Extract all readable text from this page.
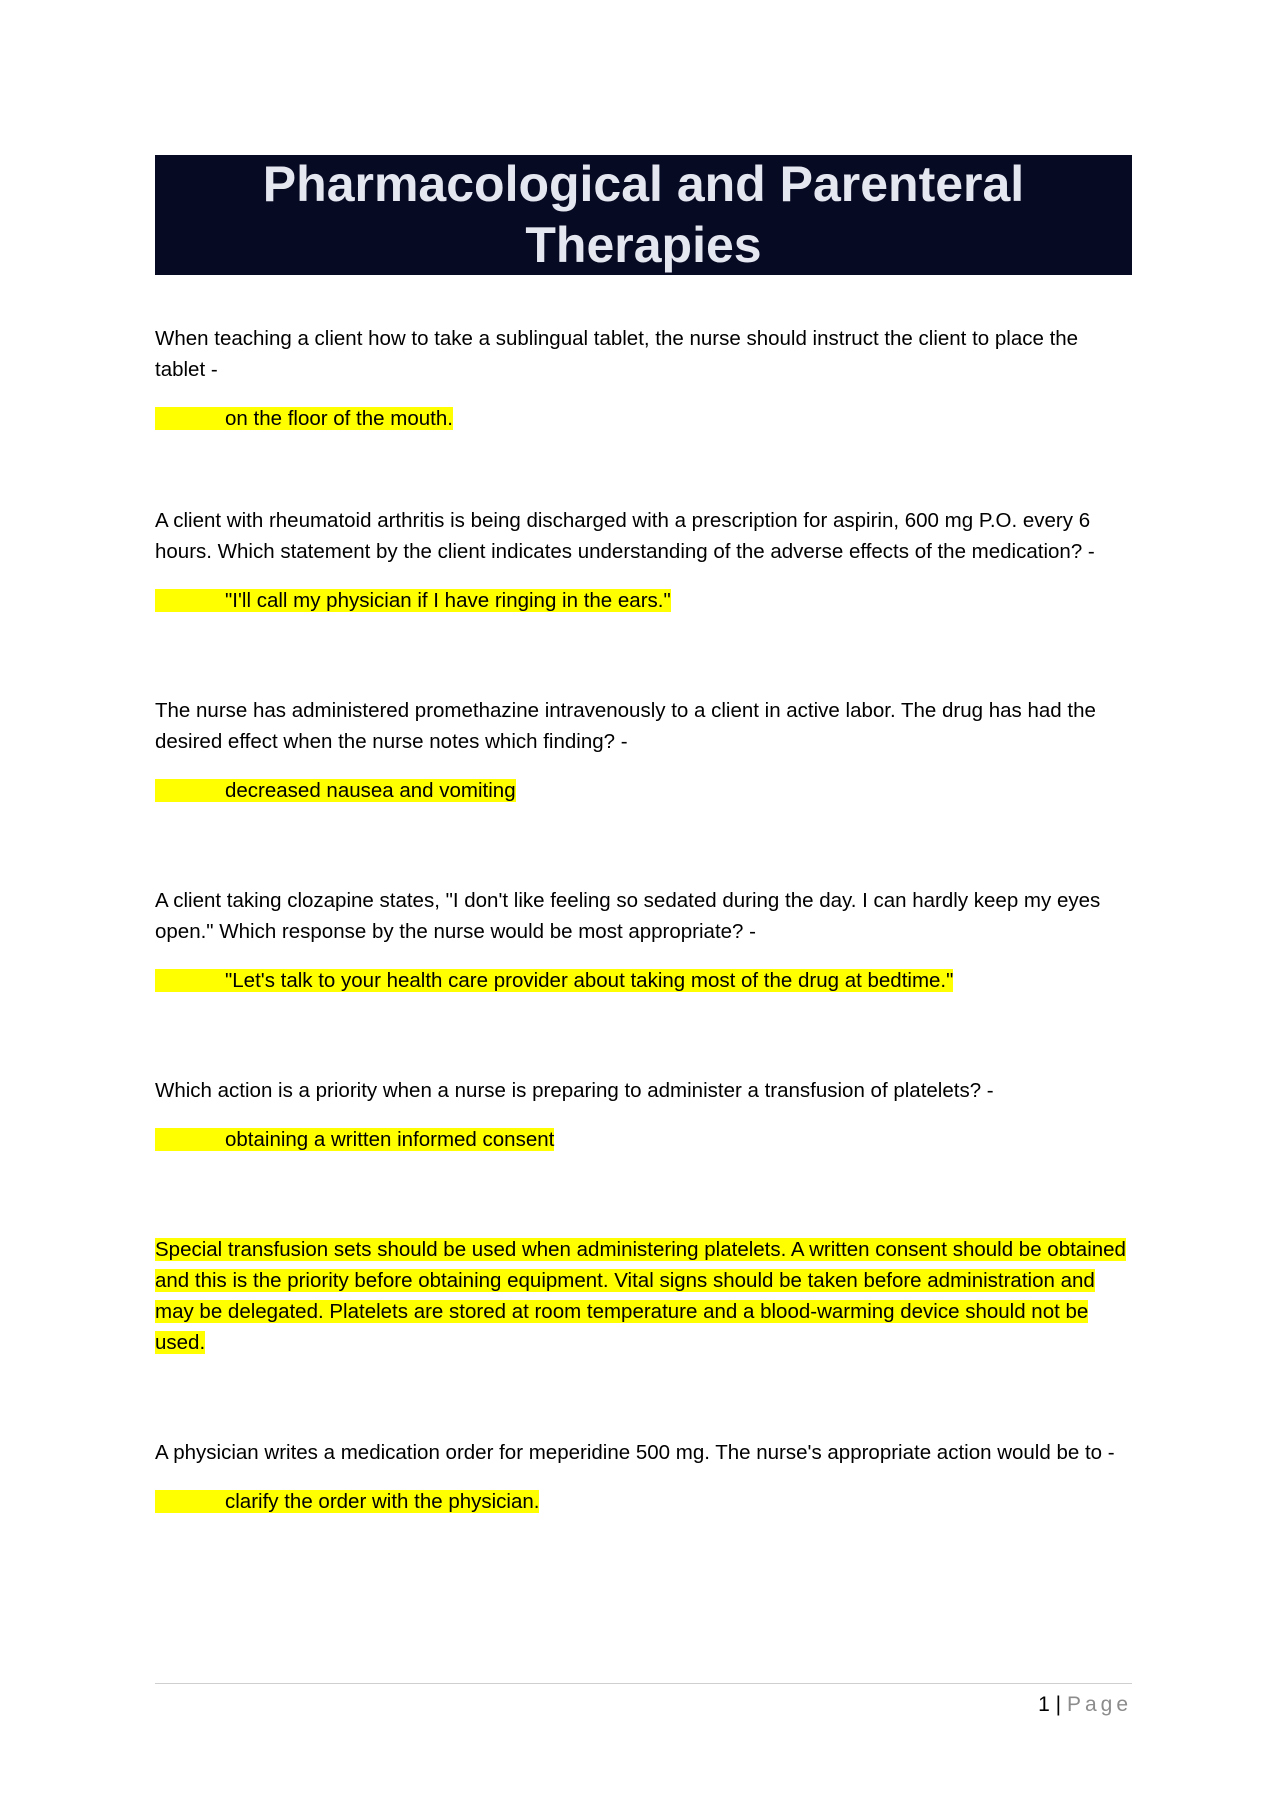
Pharmacological and Parenteral Therapies

When teaching a client how to take a sublingual tablet, the nurse should instruct the client to place the tablet -

on the floor of the mouth.

A client with rheumatoid arthritis is being discharged with a prescription for aspirin, 600 mg P.O. every 6 hours. Which statement by the client indicates understanding of the adverse effects of the medication? -

"I'll call my physician if I have ringing in the ears."

The nurse has administered promethazine intravenously to a client in active labor. The drug has had the desired effect when the nurse notes which finding? -

decreased nausea and vomiting

A client taking clozapine states, "I don't like feeling so sedated during the day. I can hardly keep my eyes open." Which response by the nurse would be most appropriate? -

"Let's talk to your health care provider about taking most of the drug at bedtime."

Which action is a priority when a nurse is preparing to administer a transfusion of platelets? -

obtaining a written informed consent

Special transfusion sets should be used when administering platelets. A written consent should be obtained and this is the priority before obtaining equipment. Vital signs should be taken before administration and may be delegated. Platelets are stored at room temperature and a blood-warming device should not be used.

A physician writes a medication order for meperidine 500 mg. The nurse's appropriate action would be to -

clarify the order with the physician.
1 | Page
